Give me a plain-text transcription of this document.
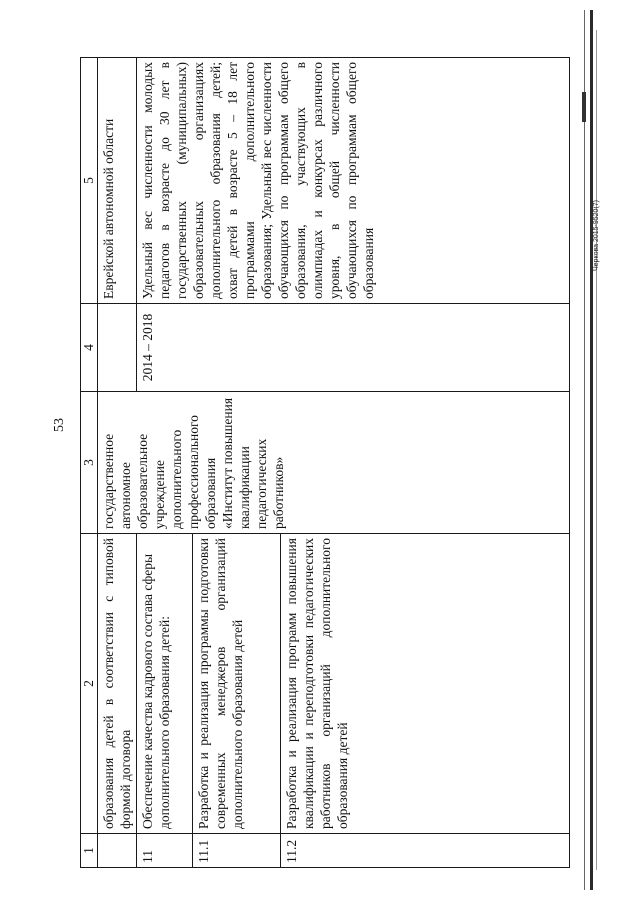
53
Черкова 2015-9520(7)
1	2	3	4	5
	образования детей в соответствии с типовой формой договора	государственное автономное образовательное учреждение дополнительного профессионального образования «Институт повышения квалификации педагогических работников»		Еврейской автономной области
11	Обеспечение качества кадрового состава сферы дополнительного образования детей:		2014 – 2018	Удельный вес численности молодых педагогов в возрасте до 30 лет в государственных (муниципальных) образовательных организациях дополнительного образования детей; охват детей в возрасте 5 – 18 лет программами дополнительного образования; Удельный вес численности обучающихся по программам общего образования, участвующих в олимпиадах и конкурсах различного уровня, в общей численности обучающихся по программам общего образования
11.1	Разработка и реализация программы подготовки современных менеджеров организаций дополнительного образования детей			
11.2	Разработка и реализация программ повышения квалификации и переподготовки педагогических работников организаций дополнительного образования детей			
